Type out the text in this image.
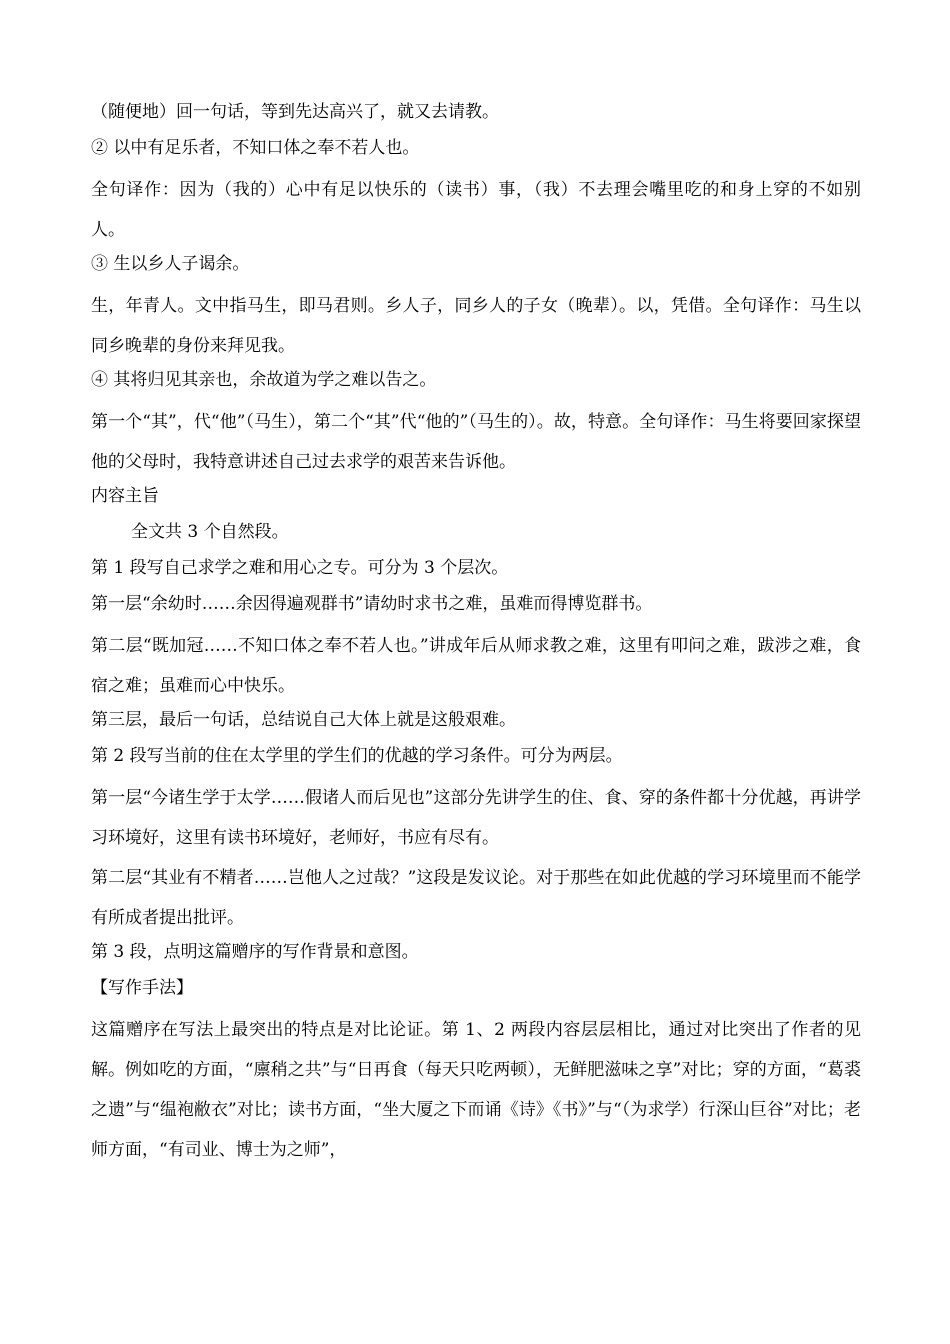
（随便地）回一句话，等到先达高兴了，就又去请教。

② 以中有足乐者，不知口体之奉不若人也。

全句译作：因为（我的）心中有足以快乐的（读书）事，（我）不去理会嘴里吃的和身上穿的不如别人。

③ 生以乡人子谒余。

生，年青人。文中指马生，即马君则。乡人子，同乡人的子女（晚辈）。以，凭借。全句译作：马生以同乡晚辈的身份来拜见我。

④ 其将归见其亲也，余故道为学之难以告之。

第一个“其”，代“他”（马生），第二个“其”代“他的”（马生的）。故，特意。全句译作：马生将要回家探望他的父母时，我特意讲述自己过去求学的艰苦来告诉他。

内容主旨

全文共 3 个自然段。

第 1 段写自己求学之难和用心之专。可分为 3 个层次。

第一层“余幼时……余因得遍观群书”请幼时求书之难，虽难而得博览群书。

第二层“既加冠……不知口体之奉不若人也。”讲成年后从师求教之难，这里有叩问之难，跋涉之难，食宿之难；虽难而心中快乐。

第三层，最后一句话，总结说自己大体上就是这般艰难。

第 2 段写当前的住在太学里的学生们的优越的学习条件。可分为两层。

第一层“今诸生学于太学……假诸人而后见也”这部分先讲学生的住、食、穿的条件都十分优越，再讲学习环境好，这里有读书环境好，老师好，书应有尽有。

第二层“其业有不精者……岂他人之过哉？”这段是发议论。对于那些在如此优越的学习环境里而不能学有所成者提出批评。

第 3 段，点明这篇赠序的写作背景和意图。

【写作手法】

这篇赠序在写法上最突出的特点是对比论证。第 1、2 两段内容层层相比，通过对比突出了作者的见解。例如吃的方面，“廪稍之共”与“日再食（每天只吃两顿），无鲜肥滋味之享”对比；穿的方面，“葛裘之遗”与“缊袍敝衣”对比；读书方面，“坐大厦之下而诵《诗》《书》”与“（为求学）行深山巨谷”对比；老师方面，“有司业、博士为之师”，
